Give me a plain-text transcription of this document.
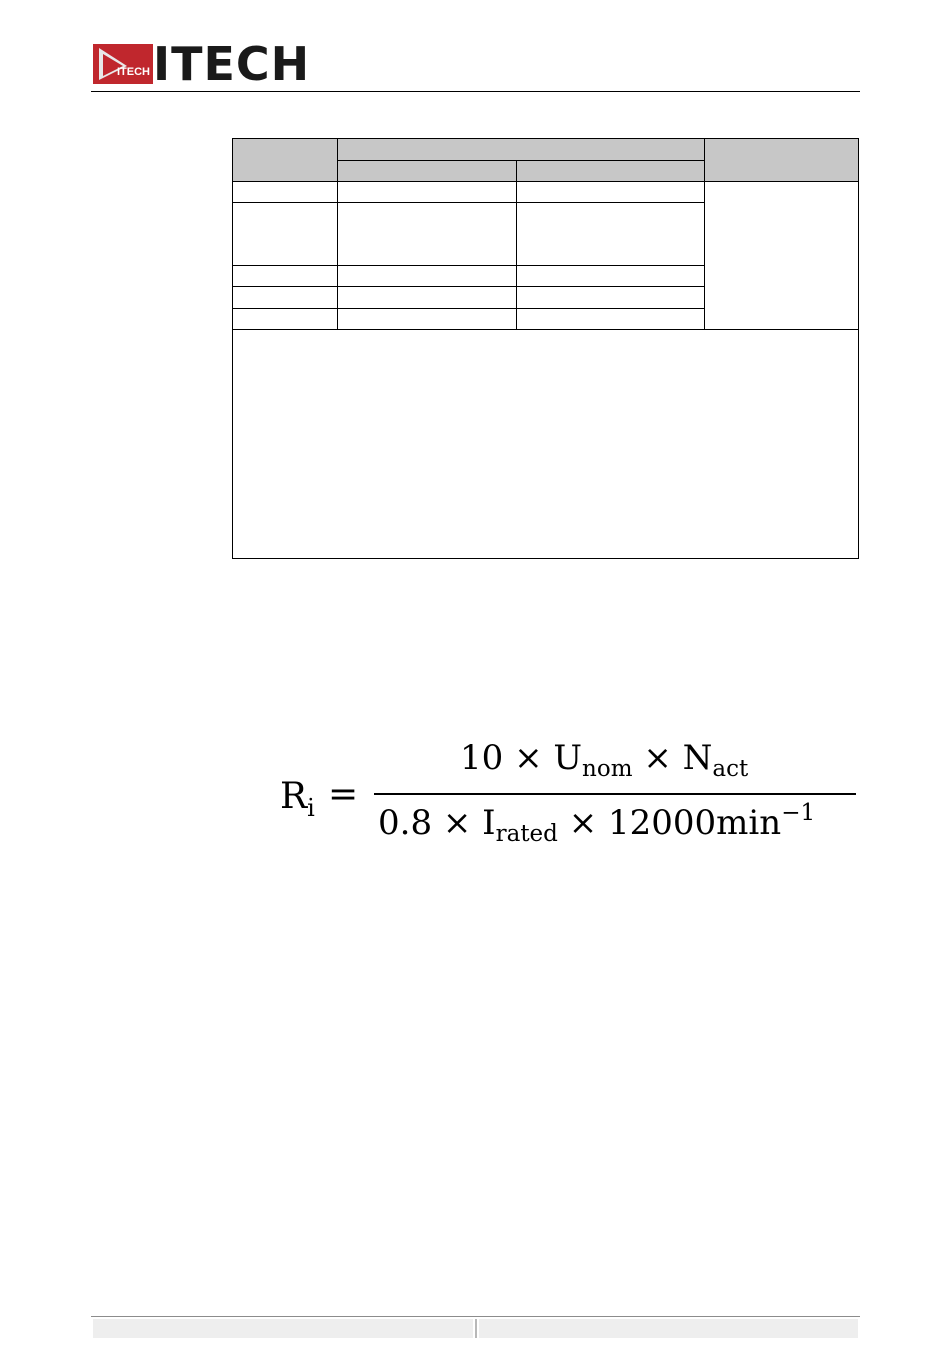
ITECH ITECH

$R_i$ =
$10 \times U_{nom} \times N_{act}$
$0.8 \times I_{rated} \times 12000\min^{-1}$
